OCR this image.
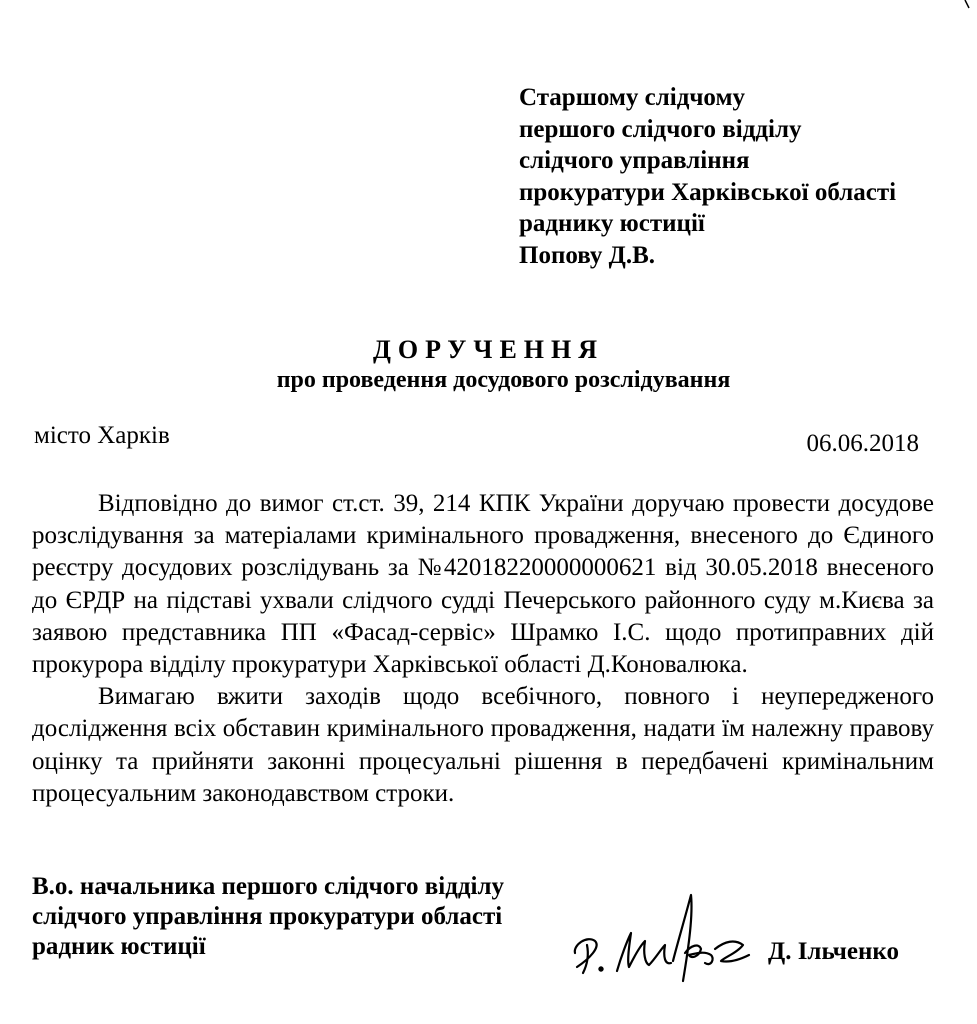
Старшому слідчому
першого слідчого відділу
слідчого управління
прокуратури Харківської області
раднику юстиції
Попову Д.В.
ДОРУЧЕННЯ
про проведення досудового розслідування
місто Харків	06.06.2018

Відповідно до вимог ст.ст. 39, 214 КПК України доручаю провести досудове розслідування за матеріалами кримінального провадження, внесеного до Єдиного реєстру досудових розслідувань за №42018220000000621 від 30.05.2018 внесеного до ЄРДР на підставі ухвали слідчого судді Печерського районного суду м.Києва за заявою представника ПП «Фасад-сервіс» Шрамко І.С. щодо протиправних дій прокурора відділу прокуратури Харківської області Д.Коновалюка.

Вимагаю вжити заходів щодо всебічного, повного і неупередженого дослідження всіх обставин кримінального провадження, надати їм належну правову оцінку та прийняти законні процесуальні рішення в передбачені кримінальним процесуальним законодавством строки.

В.о. начальника першого слідчого відділу
слідчого управління прокуратури області
радник юстиції	Д. Ільченко
